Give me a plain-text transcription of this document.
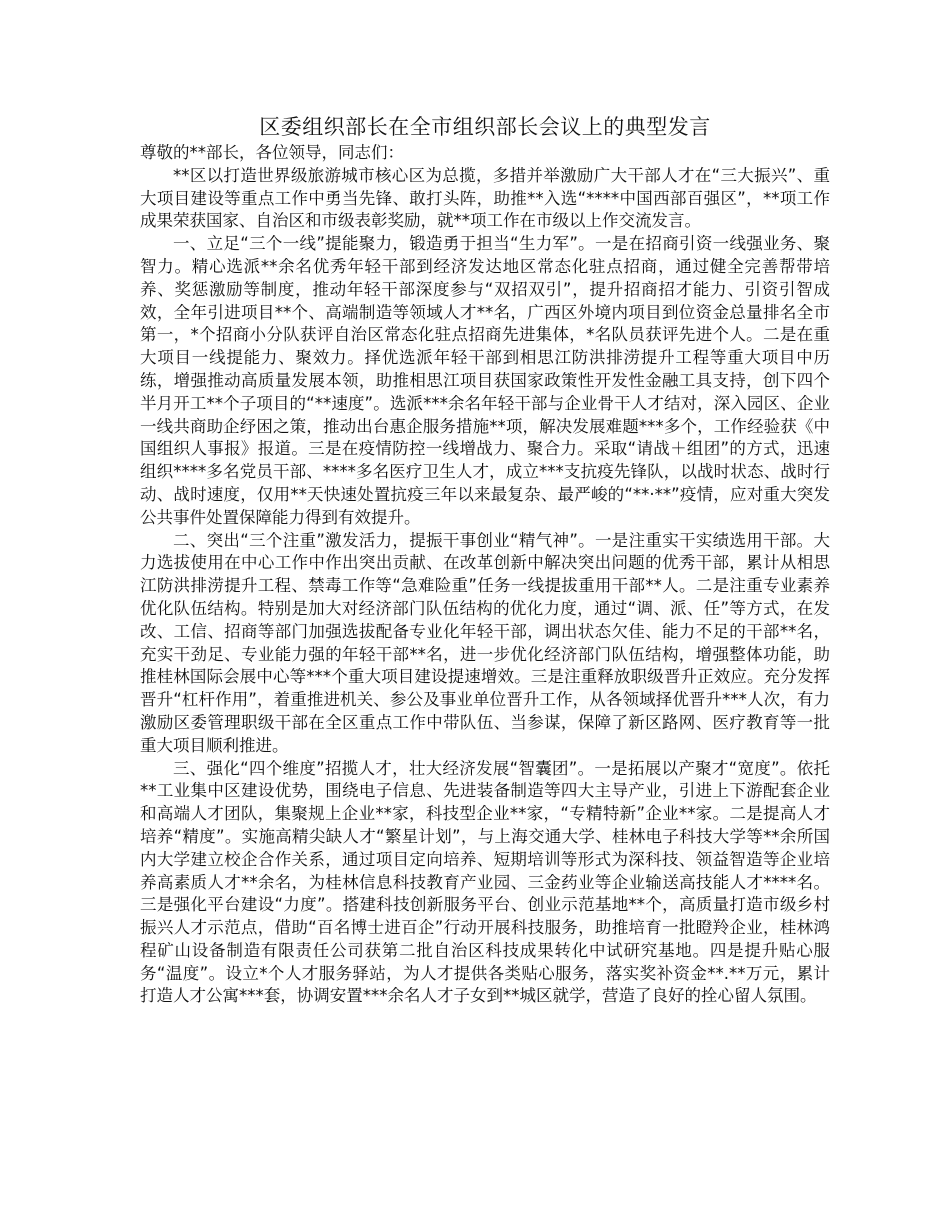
区委组织部长在全市组织部长会议上的典型发言
尊敬的**部长，各位领导，同志们：

**区以打造世界级旅游城市核心区为总揽，多措并举激励广大干部人才在“三大振兴”、重大项目建设等重点工作中勇当先锋、敢打头阵，助推**入选“****中国西部百强区”，**项工作成果荣获国家、自治区和市级表彰奖励，就**项工作在市级以上作交流发言。

一、立足“三个一线”提能聚力，锻造勇于担当“生力军”。一是在招商引资一线强业务、聚智力。精心选派**余名优秀年轻干部到经济发达地区常态化驻点招商，通过健全完善帮带培养、奖惩激励等制度，推动年轻干部深度参与“双招双引”，提升招商招才能力、引资引智成效，全年引进项目**个、高端制造等领域人才**名，广西区外境内项目到位资金总量排名全市第一，*个招商小分队获评自治区常态化驻点招商先进集体，*名队员获评先进个人。二是在重大项目一线提能力、聚效力。择优选派年轻干部到相思江防洪排涝提升工程等重大项目中历练，增强推动高质量发展本领，助推相思江项目获国家政策性开发性金融工具支持，创下四个半月开工**个子项目的“**速度”。选派***余名年轻干部与企业骨干人才结对，深入园区、企业一线共商助企纾困之策，推动出台惠企服务措施**项，解决发展难题***多个，工作经验获《中国组织人事报》报道。三是在疫情防控一线增战力、聚合力。采取“请战＋组团”的方式，迅速组织****多名党员干部、****多名医疗卫生人才，成立***支抗疫先锋队，以战时状态、战时行动、战时速度，仅用**天快速处置抗疫三年以来最复杂、最严峻的“**·**”疫情，应对重大突发公共事件处置保障能力得到有效提升。

二、突出“三个注重”激发活力，提振干事创业“精气神”。一是注重实干实绩选用干部。大力选拔使用在中心工作中作出突出贡献、在改革创新中解决突出问题的优秀干部，累计从相思江防洪排涝提升工程、禁毒工作等“急难险重”任务一线提拔重用干部**人。二是注重专业素养优化队伍结构。特别是加大对经济部门队伍结构的优化力度，通过“调、派、任”等方式，在发改、工信、招商等部门加强选拔配备专业化年轻干部，调出状态欠佳、能力不足的干部**名，充实干劲足、专业能力强的年轻干部**名，进一步优化经济部门队伍结构，增强整体功能，助推桂林国际会展中心等***个重大项目建设提速增效。三是注重释放职级晋升正效应。充分发挥晋升“杠杆作用”，着重推进机关、参公及事业单位晋升工作，从各领域择优晋升***人次，有力激励区委管理职级干部在全区重点工作中带队伍、当参谋，保障了新区路网、医疗教育等一批重大项目顺利推进。

三、强化“四个维度”招揽人才，壮大经济发展“智囊团”。一是拓展以产聚才“宽度”。依托**工业集中区建设优势，围绕电子信息、先进装备制造等四大主导产业，引进上下游配套企业和高端人才团队，集聚规上企业**家，科技型企业**家，“专精特新”企业**家。二是提高人才培养“精度”。实施高精尖缺人才“繁星计划”，与上海交通大学、桂林电子科技大学等**余所国内大学建立校企合作关系，通过项目定向培养、短期培训等形式为深科技、领益智造等企业培养高素质人才**余名，为桂林信息科技教育产业园、三金药业等企业输送高技能人才****名。三是强化平台建设“力度”。搭建科技创新服务平台、创业示范基地**个，高质量打造市级乡村振兴人才示范点，借助“百名博士进百企”行动开展科技服务，助推培育一批瞪羚企业，桂林鸿程矿山设备制造有限责任公司获第二批自治区科技成果转化中试研究基地。四是提升贴心服务“温度”。设立*个人才服务驿站，为人才提供各类贴心服务，落实奖补资金**.**万元，累计打造人才公寓***套，协调安置***余名人才子女到**城区就学，营造了良好的拴心留人氛围。
